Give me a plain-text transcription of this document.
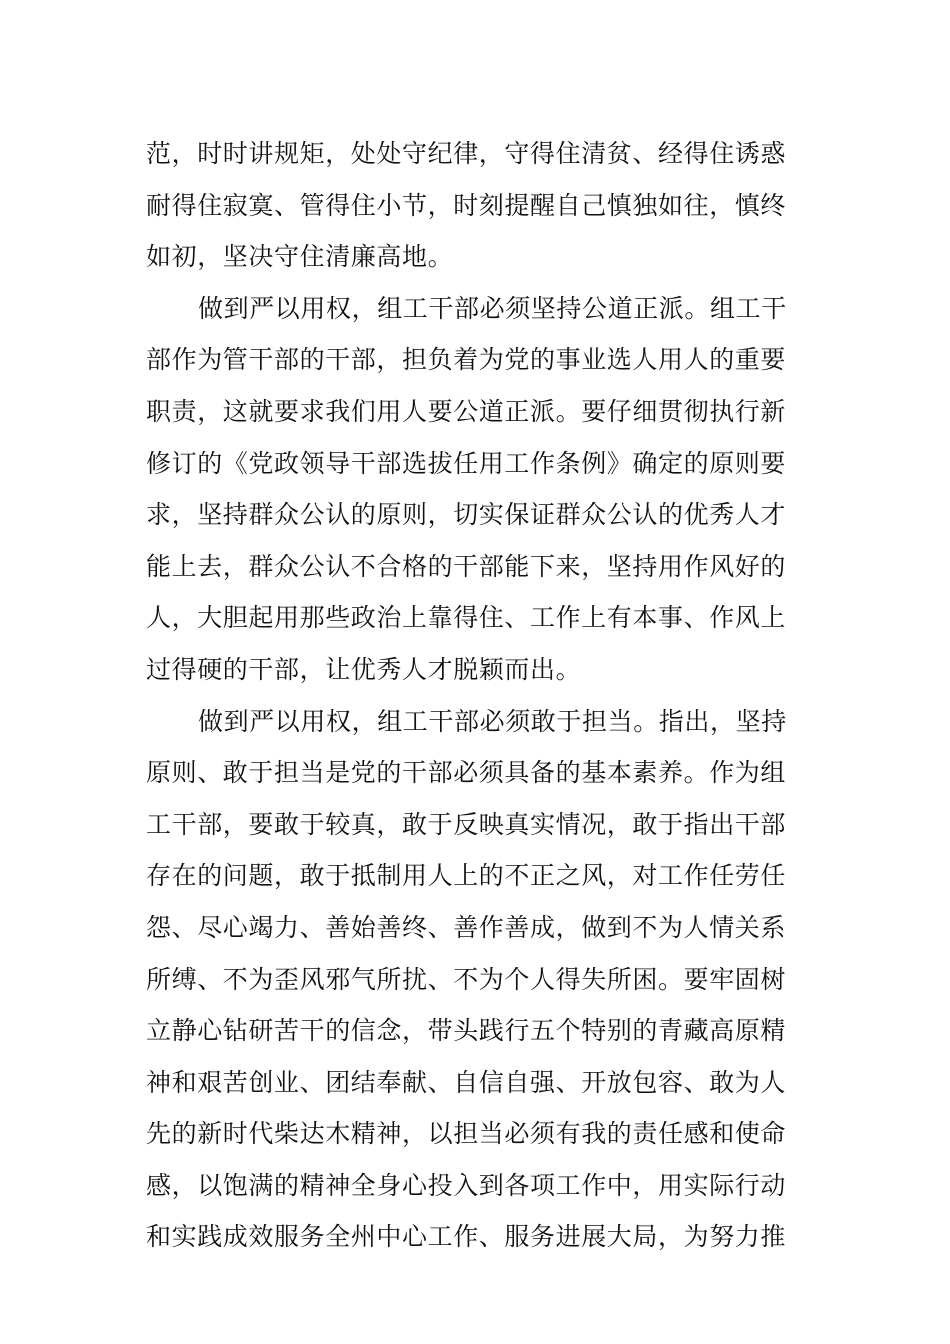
范，时时讲规矩，处处守纪律，守得住清贫、经得住诱惑
耐得住寂寞、管得住小节，时刻提醒自己慎独如往，慎终
如初，坚决守住清廉高地。
做到严以用权，组工干部必须坚持公道正派。组工干
部作为管干部的干部，担负着为党的事业选人用人的重要
职责，这就要求我们用人要公道正派。要仔细贯彻执行新
修订的《党政领导干部选拔任用工作条例》确定的原则要
求，坚持群众公认的原则，切实保证群众公认的优秀人才
能上去，群众公认不合格的干部能下来，坚持用作风好的
人，大胆起用那些政治上靠得住、工作上有本事、作风上
过得硬的干部，让优秀人才脱颖而出。
做到严以用权，组工干部必须敢于担当。指出，坚持
原则、敢于担当是党的干部必须具备的基本素养。作为组
工干部，要敢于较真，敢于反映真实情况，敢于指出干部
存在的问题，敢于抵制用人上的不正之风，对工作任劳任
怨、尽心竭力、善始善终、善作善成，做到不为人情关系
所缚、不为歪风邪气所扰、不为个人得失所困。要牢固树
立静心钻研苦干的信念，带头践行五个特别的青藏高原精
神和艰苦创业、团结奉献、自信自强、开放包容、敢为人
先的新时代柴达木精神，以担当必须有我的责任感和使命
感，以饱满的精神全身心投入到各项工作中，用实际行动
和实践成效服务全州中心工作、服务进展大局，为努力推
